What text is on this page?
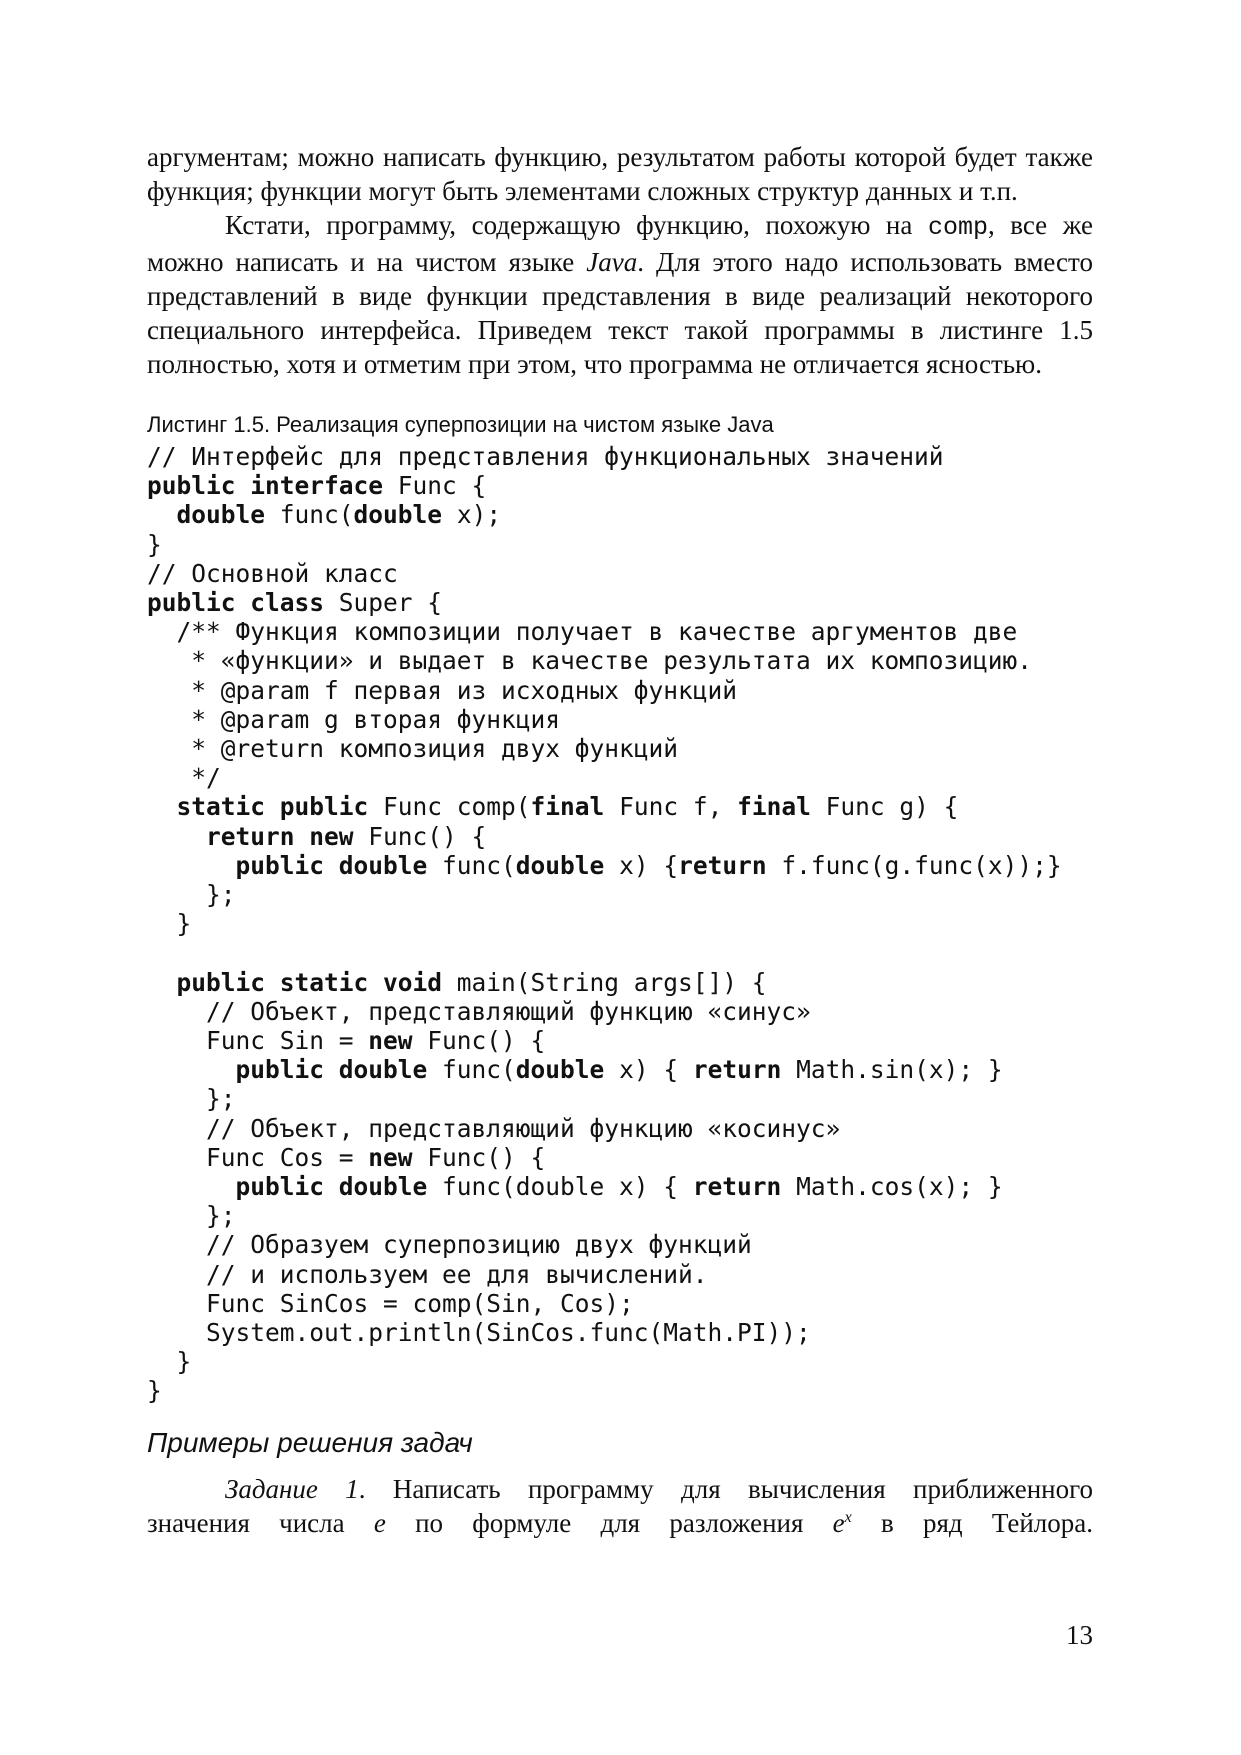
аргументам; можно написать функцию, результатом работы которой будет также функция; функции могут быть элементами сложных структур данных и т.п.

Кстати, программу, содержащую функцию, похожую на comp, все же можно написать и на чистом языке Java. Для этого надо использовать вместо представлений в виде функции представления в виде реализаций некоторого специального интерфейса. Приведем текст такой программы в листинге 1.5 полностью, хотя и отметим при этом, что программа не отличается ясностью.

Листинг 1.5. Реализация суперпозиции на чистом языке Java
// Интерфейс для представления функциональных значений
public interface Func {
double func(double x);
}
// Основной класс
public class Super {
/** Функция композиции получает в качестве аргументов две
* «функции» и выдает в качестве результата их композицию.
* @param f первая из исходных функций
* @param g вторая функция
* @return композиция двух функций
*/
static public Func comp(final Func f, final Func g) {
return new Func() {
public double func(double x) {return f.func(g.func(x));}
};
}
public static void main(String args[]) {
// Объект, представляющий функцию «синус»
Func Sin = new Func() {
public double func(double x) { return Math.sin(x); }
};
// Объект, представляющий функцию «косинус»
Func Cos = new Func() {
public double func(double x) { return Math.cos(x); }
};
// Образуем суперпозицию двух функций
// и используем ее для вычислений.
Func SinCos = comp(Sin, Cos);
System.out.println(SinCos.func(Math.PI));
}
}
Примеры решения задач

Задание 1. Написать программу для вычисления приближенного

значения числа e по формуле для разложения $e^x$ в ряд Тейлора.

13
